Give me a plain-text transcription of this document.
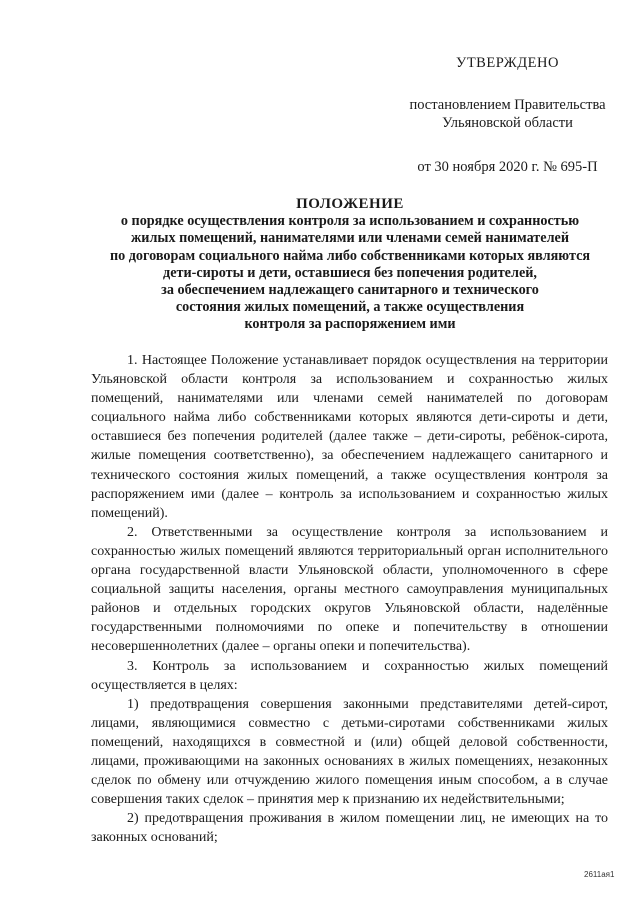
УТВЕРЖДЕНО
постановлением Правительства
Ульяновской области
от 30 ноября 2020 г. № 695-П
ПОЛОЖЕНИЕ
о порядке осуществления контроля за использованием и сохранностью
жилых помещений, нанимателями или членами семей нанимателей
по договорам социального найма либо собственниками которых являются
дети-сироты и дети, оставшиеся без попечения родителей,
за обеспечением надлежащего санитарного и технического
состояния жилых помещений, а также осуществления
контроля за распоряжением ими

1. Настоящее Положение устанавливает порядок осуществления на территории Ульяновской области контроля за использованием и сохранностью жилых помещений, нанимателями или членами семей нанимателей по договорам социального найма либо собственниками которых являются дети-сироты и дети, оставшиеся без попечения родителей (далее также – дети-сироты, ребёнок-сирота, жилые помещения соответственно), за обеспечением надлежащего санитарного и технического состояния жилых помещений, а также осуществления контроля за распоряжением ими (далее – контроль за использованием и сохранностью жилых помещений).

2. Ответственными за осуществление контроля за использованием и сохранностью жилых помещений являются территориальный орган исполнительного органа государственной власти Ульяновской области, уполномоченного в сфере социальной защиты населения, органы местного самоуправления муниципальных районов и отдельных городских округов Ульяновской области, наделённые государственными полномочиями по опеке и попечительству в отношении несовершеннолетних (далее – органы опеки и попечительства).

3. Контроль за использованием и сохранностью жилых помещений осуществляется в целях:

1) предотвращения совершения законными представителями детей-сирот, лицами, являющимися совместно с детьми-сиротами собственниками жилых помещений, находящихся в совместной и (или) общей деловой собственности, лицами, проживающими на законных основаниях в жилых помещениях, незаконных сделок по обмену или отчуждению жилого помещения иным способом, а в случае совершения таких сделок – принятия мер к признанию их недействительными;

2) предотвращения проживания в жилом помещении лиц, не имеющих на то законных оснований;

2611ая1
